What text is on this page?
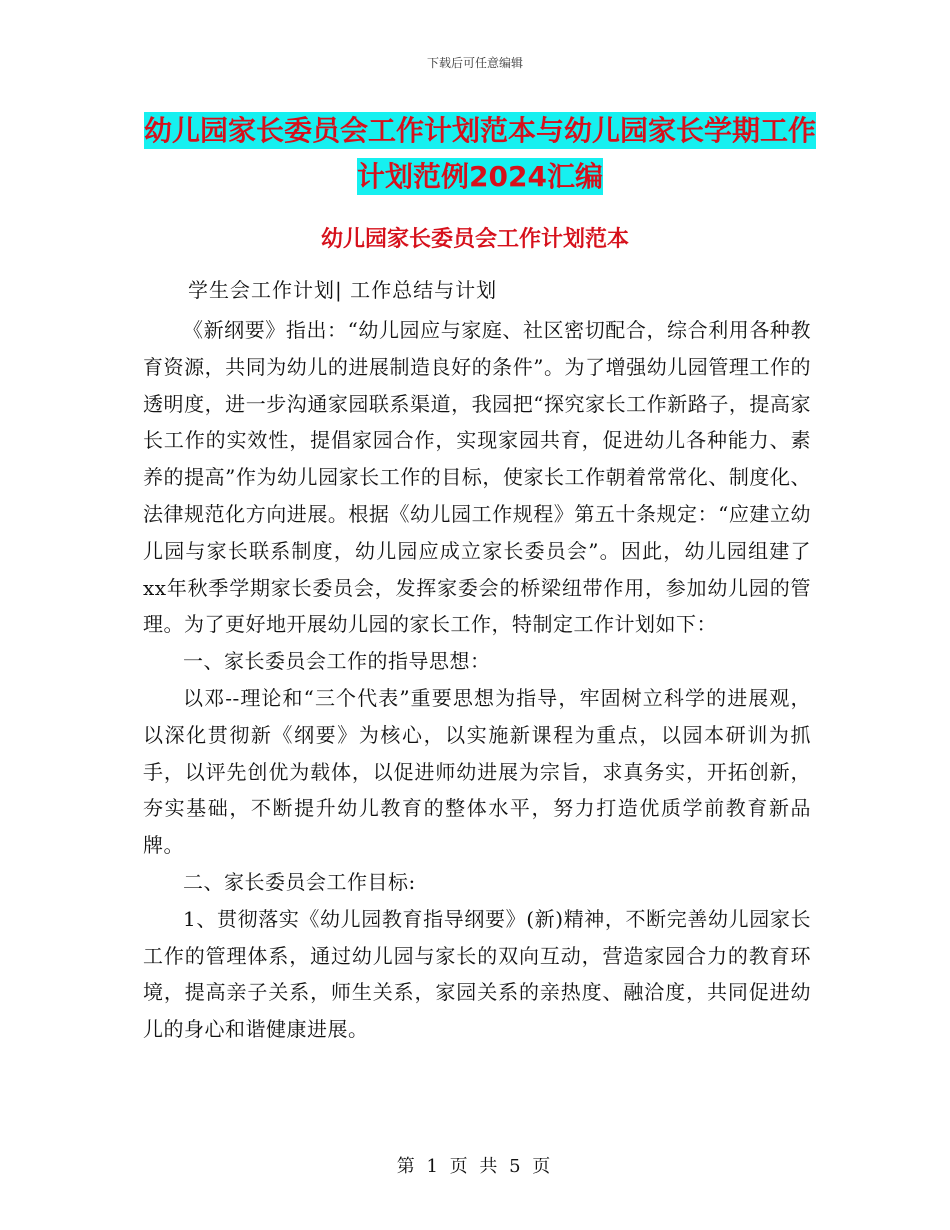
下载后可任意编辑
幼儿园家长委员会工作计划范本与幼儿园家长学期工作计划范例2024汇编
幼儿园家长委员会工作计划范本
学生会工作计划| 工作总结与计划

《新纲要》指出：“幼儿园应与家庭、社区密切配合，综合利用各种教育资源，共同为幼儿的进展制造良好的条件”。为了增强幼儿园管理工作的透明度，进一步沟通家园联系渠道，我园把“探究家长工作新路子，提高家长工作的实效性，提倡家园合作，实现家园共育，促进幼儿各种能力、素养的提高”作为幼儿园家长工作的目标，使家长工作朝着常常化、制度化、法律规范化方向进展。根据《幼儿园工作规程》第五十条规定：“应建立幼儿园与家长联系制度，幼儿园应成立家长委员会”。因此，幼儿园组建了xx年秋季学期家长委员会，发挥家委会的桥梁纽带作用，参加幼儿园的管理。为了更好地开展幼儿园的家长工作，特制定工作计划如下：

一、家长委员会工作的指导思想：

以邓--理论和“三个代表”重要思想为指导，牢固树立科学的进展观，以深化贯彻新《纲要》为核心，以实施新课程为重点，以园本研训为抓手，以评先创优为载体，以促进师幼进展为宗旨，求真务实，开拓创新，夯实基础，不断提升幼儿教育的整体水平，努力打造优质学前教育新品牌。

二、家长委员会工作目标:

1、贯彻落实《幼儿园教育指导纲要》(新)精神，不断完善幼儿园家长工作的管理体系，通过幼儿园与家长的双向互动，营造家园合力的教育环境，提高亲子关系，师生关系，家园关系的亲热度、融洽度，共同促进幼儿的身心和谐健康进展。

第 1 页 共 5 页
